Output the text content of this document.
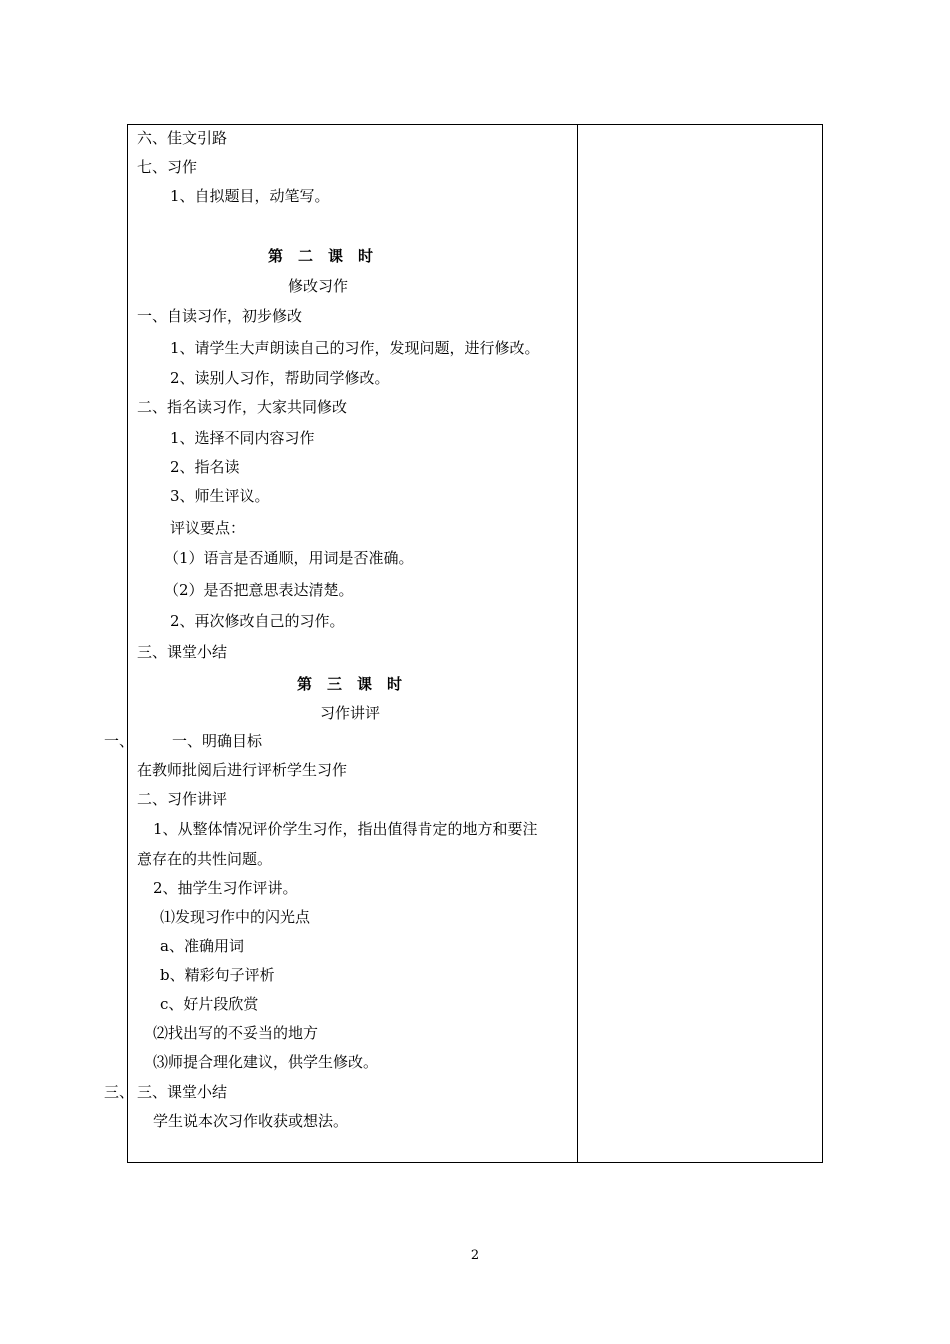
六、佳文引路
七、习作
1、自拟题目，动笔写。
第　二　课　时
修改习作
一、自读习作，初步修改
1、请学生大声朗读自己的习作，发现问题，进行修改。
2、读别人习作，帮助同学修改。
二、指名读习作，大家共同修改
1、选择不同内容习作
2、指名读
3、师生评议。
评议要点：
（1）语言是否通顺，用词是否准确。
（2）是否把意思表达清楚。
2、再次修改自己的习作。
三、课堂小结
第　三　课　时
习作讲评
一、明确目标
在教师批阅后进行评析学生习作
二、习作讲评
1、从整体情况评价学生习作，指出值得肯定的地方和要注
意存在的共性问题。
2、抽学生习作评讲。
⑴发现习作中的闪光点
a、准确用词
b、精彩句子评析
c、好片段欣赏
⑵找出写的不妥当的地方
⑶师提合理化建议，供学生修改。
三、课堂小结
学生说本次习作收获或想法。
一、
三、
2
